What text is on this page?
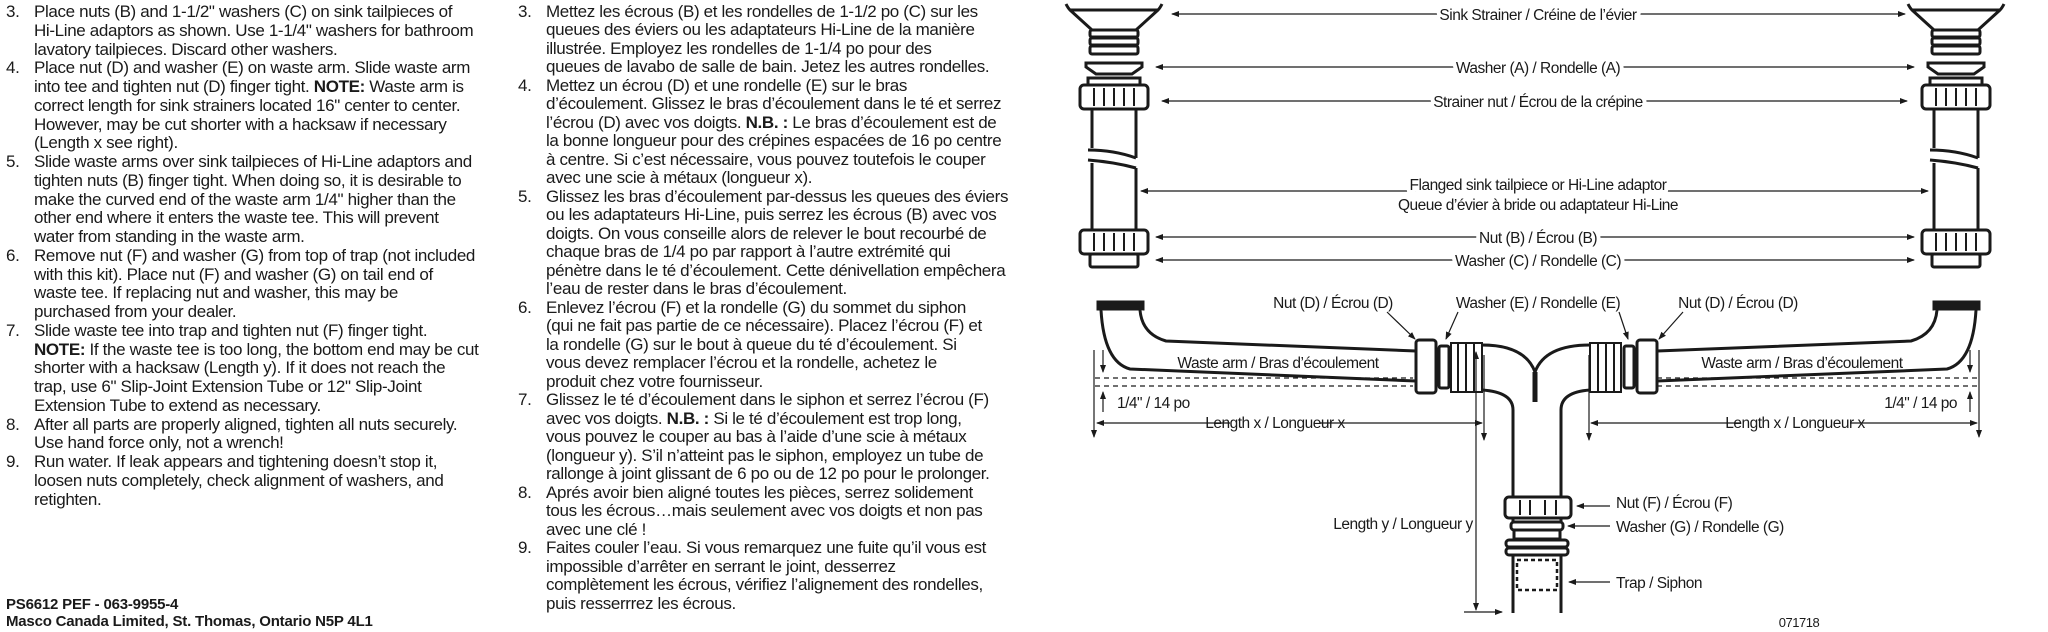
3. Place nuts (B) and 1-1/2" washers (C) on sink tailpieces of
Hi-Line adaptors as shown. Use 1-1/4" washers for bathroom
lavatory tailpieces. Discard other washers.
4. Place nut (D) and washer (E) on waste arm. Slide waste arm
into tee and tighten nut (D) finger tight. NOTE: Waste arm is
correct length for sink strainers located 16" center to center.
However, may be cut shorter with a hacksaw if necessary
(Length x see right).
5. Slide waste arms over sink tailpieces of Hi-Line adaptors and
tighten nuts (B) finger tight. When doing so, it is desirable to
make the curved end of the waste arm 1/4" higher than the
other end where it enters the waste tee. This will prevent
water from standing in the waste arm.
6. Remove nut (F) and washer (G) from top of trap (not included
with this kit). Place nut (F) and washer (G) on tail end of
waste tee. If replacing nut and washer, this may be
purchased from your dealer.
7. Slide waste tee into trap and tighten nut (F) finger tight.
NOTE: If the waste tee is too long, the bottom end may be cut
shorter with a hacksaw (Length y). If it does not reach the
trap, use 6" Slip-Joint Extension Tube or 12" Slip-Joint
Extension Tube to extend as necessary.
8. After all parts are properly aligned, tighten all nuts securely.
Use hand force only, not a wrench!
9. Run water. If leak appears and tightening doesn’t stop it,
loosen nuts completely, check alignment of washers, and
retighten.
3. Mettez les écrous (B) et les rondelles de 1-1/2 po (C) sur les
queues des éviers ou les adaptateurs Hi-Line de la manière
illustrée. Employez les rondelles de 1-1/4 po pour des
queues de lavabo de salle de bain. Jetez les autres rondelles.
4. Mettez un écrou (D) et une rondelle (E) sur le bras
d’écoulement. Glissez le bras d’écoulement dans le té et serrez
l’écrou (D) avec vos doigts. N.B. : Le bras d’écoulement est de
la bonne longueur pour des crépines espacées de 16 po centre
à centre. Si c’est nécessaire, vous pouvez toutefois le couper
avec une scie à métaux (longueur x).
5. Glissez les bras d’écoulement par-dessus les queues des éviers
ou les adaptateurs Hi-Line, puis serrez les écrous (B) avec vos
doigts. On vous conseille alors de relever le bout recourbé de
chaque bras de 1/4 po par rapport à l’autre extrémité qui
pénètre dans le té d’écoulement. Cette dénivellation empêchera
l’eau de rester dans le bras d’écoulement.
6. Enlevez l’écrou (F) et la rondelle (G) du sommet du siphon
(qui ne fait pas partie de ce nécessaire). Placez l’écrou (F) et
la rondelle (G) sur le bout à queue du té d’écoulement. Si
vous devez remplacer l’écrou et la rondelle, achetez le
produit chez votre fournisseur.
7. Glissez le té d’écoulement dans le siphon et serrez l’écrou (F)
avec vos doigts. N.B. : Si le té d’écoulement est trop long,
vous pouvez le couper au bas à l’aide d’une scie à métaux
(longueur y). S’il n’atteint pas le siphon, employez un tube de
rallonge à joint glissant de 6 po ou de 12 po pour le prolonger.
8. Aprés avoir bien aligné toutes les pièces, serrez solidement
tous les écrous…mais seulement avec vos doigts et non pas
avec une clé !
9. Faites couler l’eau. Si vous remarquez une fuite qu’il vous est
impossible d’arrêter en serrant le joint, desserrez
complètement les écrous, vérifiez l’alignement des rondelles,
puis resserrrez les écrous.
PS6612 PEF - 063-9955-4
Masco Canada Limited, St. Thomas, Ontario N5P 4L1
Sink Strainer / Créine de l’évier
Washer (A) / Rondelle (A)
Strainer nut / Écrou de la crépine
Flanged sink tailpiece or Hi-Line adaptor
Queue d’évier à bride ou adaptateur Hi-Line
Nut (B) / Écrou (B)
Washer (C) / Rondelle (C)
Nut (D) / Écrou (D)	Washer (E) / Rondelle (E)	Nut (D) / Écrou (D)
Waste arm / Bras d’écoulement	Waste arm / Bras d’écoulement
Length x / Longueur x	Length x / Longueur x
Length y / Longueur y
071718
1/4" / 14 po	1/4" / 14 po
Nut (F) / Écrou (F)
Washer (G) / Rondelle (G)
Trap / Siphon
